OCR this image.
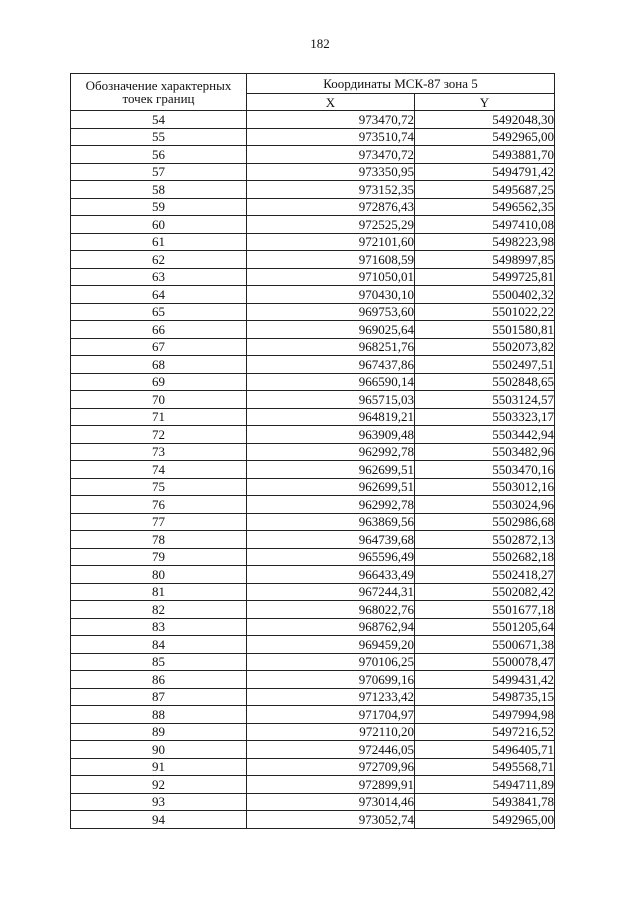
182
Обозначение характерных точек границ	Координаты МСК-87 зона 5	
	X	Y
54	973470,72	5492048,30
55	973510,74	5492965,00
56	973470,72	5493881,70
57	973350,95	5494791,42
58	973152,35	5495687,25
59	972876,43	5496562,35
60	972525,29	5497410,08
61	972101,60	5498223,98
62	971608,59	5498997,85
63	971050,01	5499725,81
64	970430,10	5500402,32
65	969753,60	5501022,22
66	969025,64	5501580,81
67	968251,76	5502073,82
68	967437,86	5502497,51
69	966590,14	5502848,65
70	965715,03	5503124,57
71	964819,21	5503323,17
72	963909,48	5503442,94
73	962992,78	5503482,96
74	962699,51	5503470,16
75	962699,51	5503012,16
76	962992,78	5503024,96
77	963869,56	5502986,68
78	964739,68	5502872,13
79	965596,49	5502682,18
80	966433,49	5502418,27
81	967244,31	5502082,42
82	968022,76	5501677,18
83	968762,94	5501205,64
84	969459,20	5500671,38
85	970106,25	5500078,47
86	970699,16	5499431,42
87	971233,42	5498735,15
88	971704,97	5497994,98
89	972110,20	5497216,52
90	972446,05	5496405,71
91	972709,96	5495568,71
92	972899,91	5494711,89
93	973014,46	5493841,78
94	973052,74	5492965,00
